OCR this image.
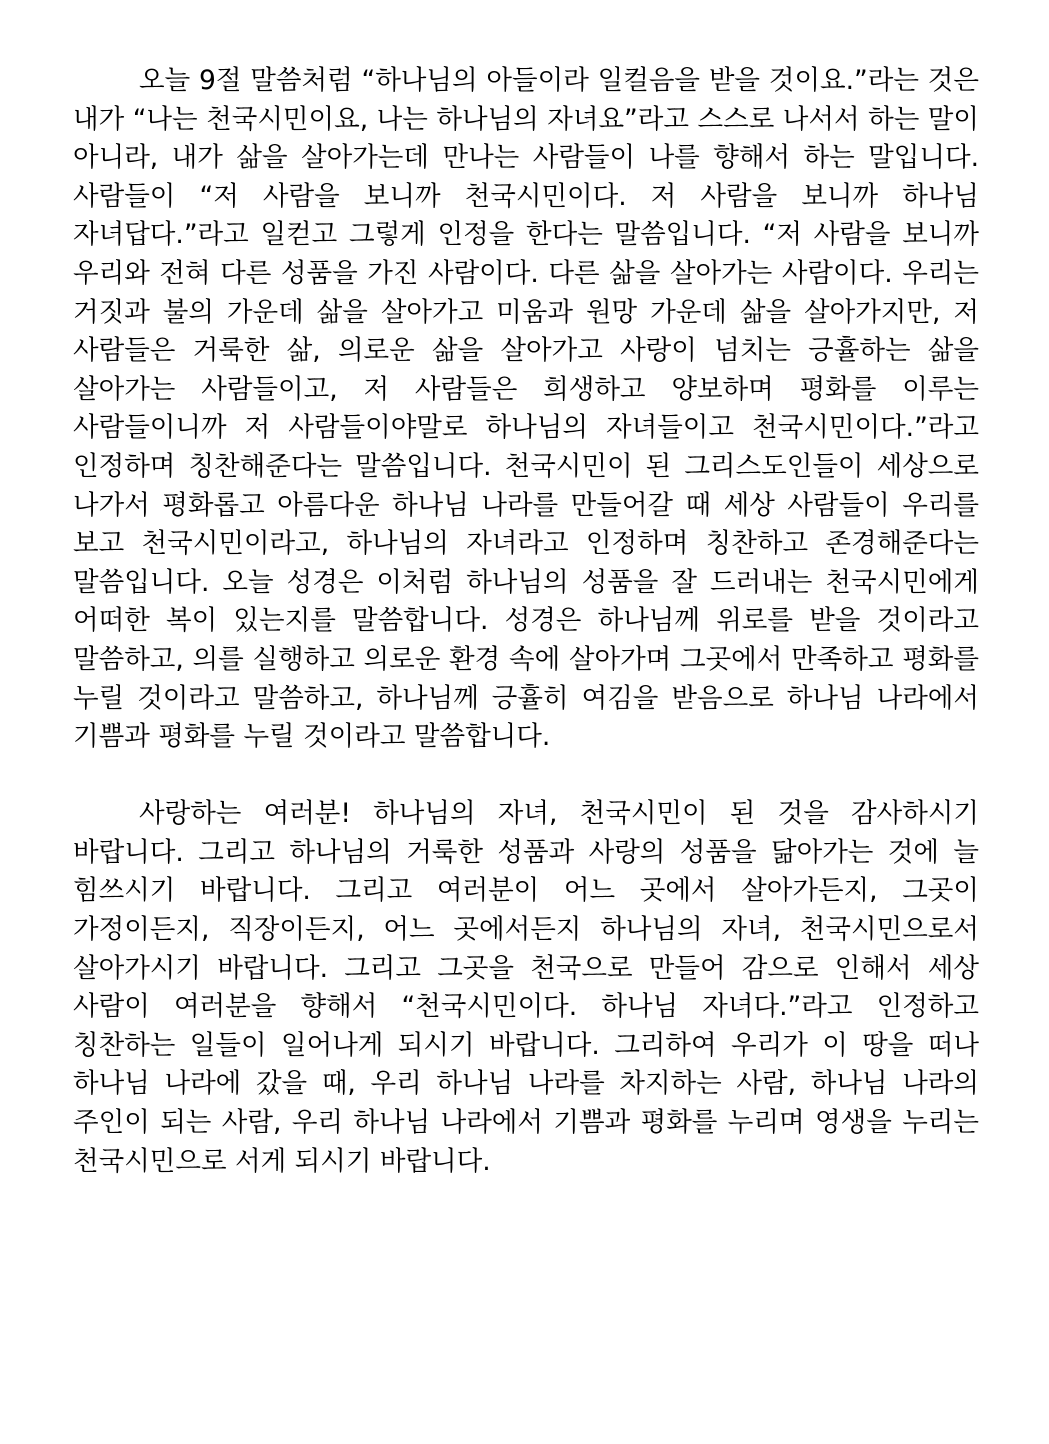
오늘 9절 말씀처럼 “하나님의 아들이라 일컬음을 받을 것이요.”라는 것은 내가 “나는 천국시민이요, 나는 하나님의 자녀요”라고 스스로 나서서 하는 말이 아니라, 내가 삶을 살아가는데 만나는 사람들이 나를 향해서 하는 말입니다. 사람들이 “저 사람을 보니까 천국시민이다. 저 사람을 보니까 하나님 자녀답다.”라고 일컫고 그렇게 인정을 한다는 말씀입니다. “저 사람을 보니까 우리와 전혀 다른 성품을 가진 사람이다. 다른 삶을 살아가는 사람이다. 우리는 거짓과 불의 가운데 삶을 살아가고 미움과 원망 가운데 삶을 살아가지만, 저 사람들은 거룩한 삶, 의로운 삶을 살아가고 사랑이 넘치는 긍휼하는 삶을 살아가는 사람들이고, 저 사람들은 희생하고 양보하며 평화를 이루는 사람들이니까 저 사람들이야말로 하나님의 자녀들이고 천국시민이다.”라고 인정하며 칭찬해준다는 말씀입니다. 천국시민이 된 그리스도인들이 세상으로 나가서 평화롭고 아름다운 하나님 나라를 만들어갈 때 세상 사람들이 우리를 보고 천국시민이라고, 하나님의 자녀라고 인정하며 칭찬하고 존경해준다는 말씀입니다. 오늘 성경은 이처럼 하나님의 성품을 잘 드러내는 천국시민에게 어떠한 복이 있는지를 말씀합니다. 성경은 하나님께 위로를 받을 것이라고 말씀하고, 의를 실행하고 의로운 환경 속에 살아가며 그곳에서 만족하고 평화를 누릴 것이라고 말씀하고, 하나님께 긍휼히 여김을 받음으로 하나님 나라에서 기쁨과 평화를 누릴 것이라고 말씀합니다.

사랑하는 여러분! 하나님의 자녀, 천국시민이 된 것을 감사하시기 바랍니다. 그리고 하나님의 거룩한 성품과 사랑의 성품을 닮아가는 것에 늘 힘쓰시기 바랍니다. 그리고 여러분이 어느 곳에서 살아가든지, 그곳이 가정이든지, 직장이든지, 어느 곳에서든지 하나님의 자녀, 천국시민으로서 살아가시기 바랍니다. 그리고 그곳을 천국으로 만들어 감으로 인해서 세상 사람이 여러분을 향해서 “천국시민이다. 하나님 자녀다.”라고 인정하고 칭찬하는 일들이 일어나게 되시기 바랍니다. 그리하여 우리가 이 땅을 떠나 하나님 나라에 갔을 때, 우리 하나님 나라를 차지하는 사람, 하나님 나라의 주인이 되는 사람, 우리 하나님 나라에서 기쁨과 평화를 누리며 영생을 누리는 천국시민으로 서게 되시기 바랍니다.
